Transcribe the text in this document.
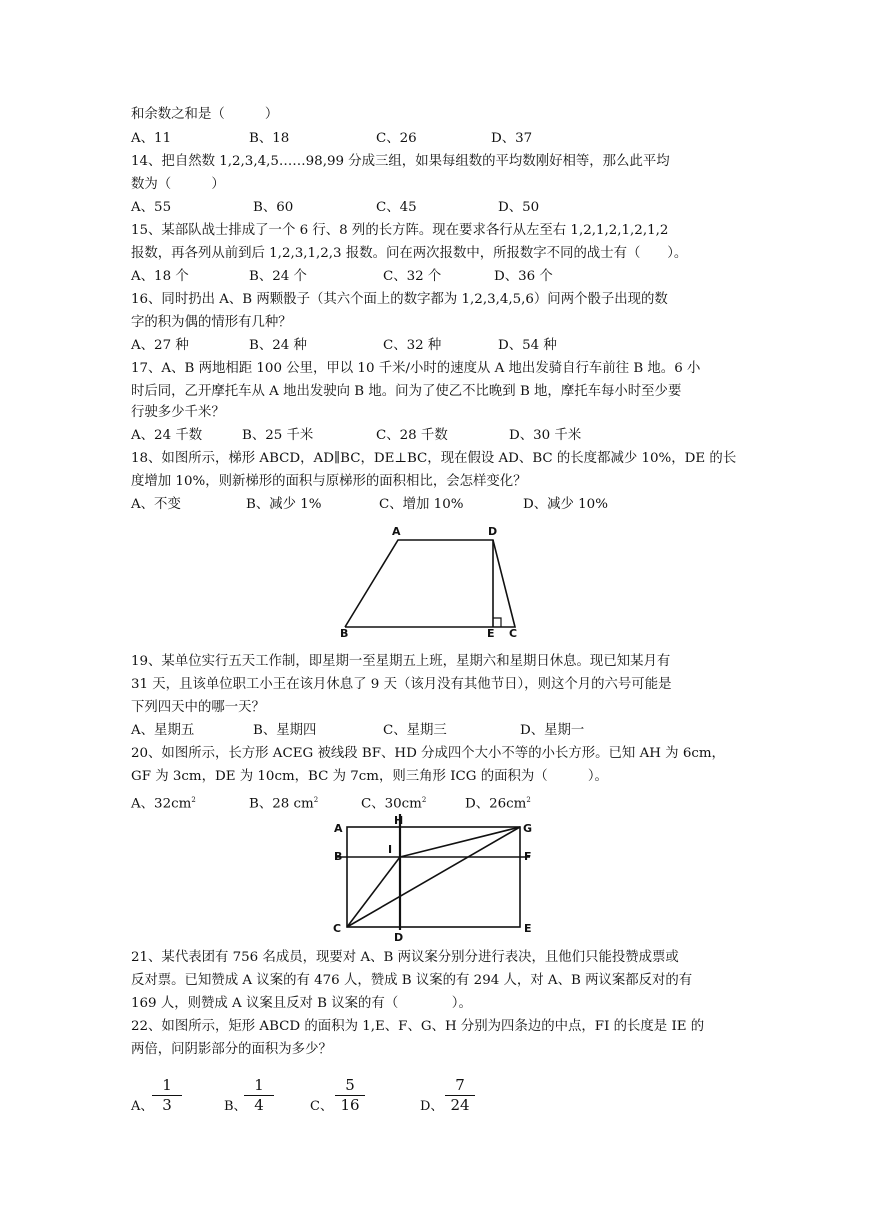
和余数之和是（　　　）
A、11	B、18	C、26	D、37
14、把自然数 1,2,3,4,5……98,99 分成三组，如果每组数的平均数刚好相等，那么此平均
数为（　　　）
A、55	B、60	C、45	D、50
15、某部队战士排成了一个 6 行、8 列的长方阵。现在要求各行从左至右 1,2,1,2,1,2,1,2
报数，再各列从前到后 1,2,3,1,2,3 报数。问在两次报数中，所报数字不同的战士有（　　）。
A、18 个	B、24 个	C、32 个	D、36 个
16、同时扔出 A、B 两颗骰子（其六个面上的数字都为 1,2,3,4,5,6）问两个骰子出现的数
字的积为偶的情形有几种？
A、27 种	B、24 种	C、32 种	D、54 种
17、A、B 两地相距 100 公里，甲以 10 千米/小时的速度从 A 地出发骑自行车前往 B 地。6 小
时后同，乙开摩托车从 A 地出发驶向 B 地。问为了使乙不比晚到 B 地，摩托车每小时至少要
行驶多少千米？
A、24 千数	B、25 千米	C、28 千数	D、30 千米
18、如图所示，梯形 ABCD，AD∥BC，DE⊥BC，现在假设 AD、BC 的长度都减少 10%，DE 的长
度增加 10%，则新梯形的面积与原梯形的面积相比，会怎样变化？
A、不变	B、减少 1%	C、增加 10%	D、减少 10%
A	D
B	E C
19、某单位实行五天工作制，即星期一至星期五上班，星期六和星期日休息。现已知某月有
31 天，且该单位职工小王在该月休息了 9 天（该月没有其他节日），则这个月的六号可能是
下列四天中的哪一天？
A、星期五	B、星期四	C、星期三	D、星期一
20、如图所示，长方形 ACEG 被线段 BF、HD 分成四个大小不等的小长方形。已知 AH 为 6cm，
GF 为 3cm，DE 为 10cm，BC 为 7cm，则三角形 ICG 的面积为（　　　）。
A、$32cm^2$	B、28 $cm^2$	C、$30cm^2$	D、$26cm^2$
A
H
G
B
I
F
C
D
E
21、某代表团有 756 名成员，现要对 A、B 两议案分别分进行表决，且他们只能投赞成票或
反对票。已知赞成 A 议案的有 476 人，赞成 B 议案的有 294 人，对 A、B 两议案都反对的有
169 人，则赞成 A 议案且反对 B 议案的有（　　　　）。
22、如图所示，矩形 ABCD 的面积为 1,E、F、G、H 分别为四条边的中点，FI 的长度是 IE 的
两倍，问阴影部分的面积为多少？
A、
$\frac{1}{3}$	B、
$\frac{1}{4}$	C、 $\frac{5}{16}$	D、 $\frac{7}{24}$
